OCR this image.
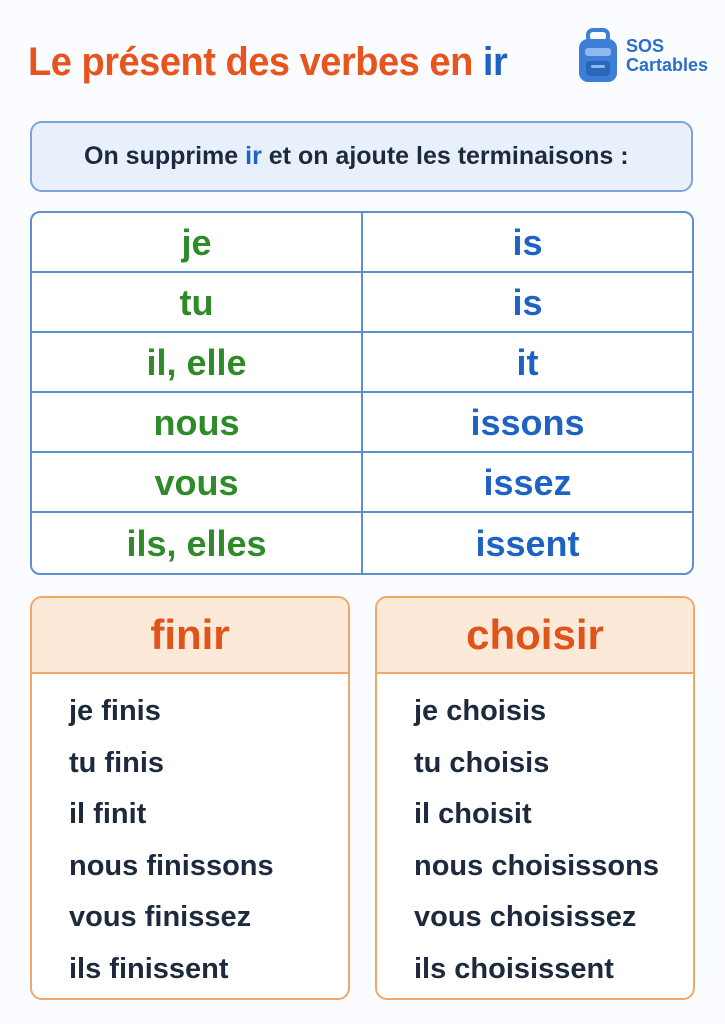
Le présent des verbes en ir	SOS
Cartables
On supprime ir et on ajoute les terminaisons :
je	is
tu	is
il, elle	it
nous	issons
vous	issez
ils, elles	issent
finir
je finis
tu finis
il finit
nous finissons
vous finissez
ils finissent
choisir
je choisis
tu choisis
il choisit
nous choisissons
vous choisissez
ils choisissent
